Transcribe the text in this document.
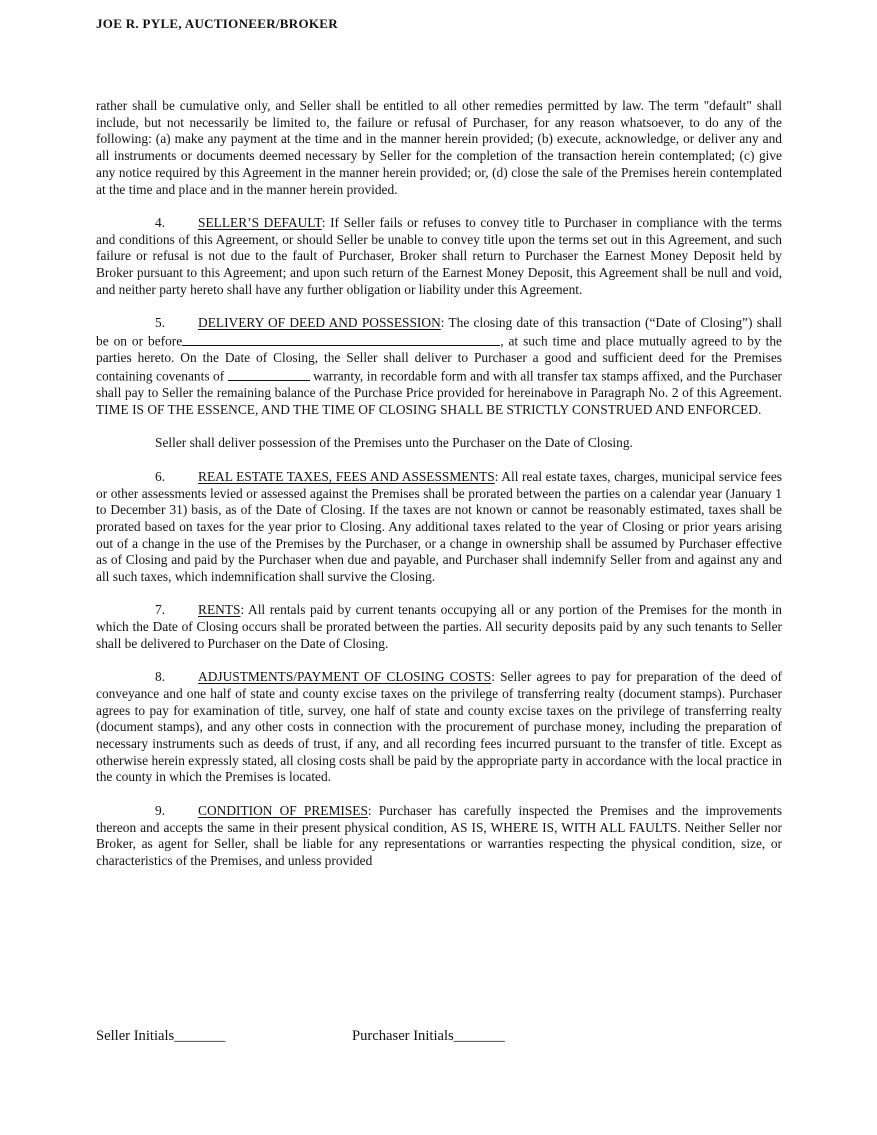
JOE R. PYLE, AUCTIONEER/BROKER

rather shall be cumulative only, and Seller shall be entitled to all other remedies permitted by law. The term "default" shall include, but not necessarily be limited to, the failure or refusal of Purchaser, for any reason whatsoever, to do any of the following: (a) make any payment at the time and in the manner herein provided; (b) execute, acknowledge, or deliver any and all instruments or documents deemed necessary by Seller for the completion of the transaction herein contemplated; (c) give any notice required by this Agreement in the manner herein provided; or, (d) close the sale of the Premises herein contemplated at the time and place and in the manner herein provided.

4. SELLER’S DEFAULT: If Seller fails or refuses to convey title to Purchaser in compliance with the terms and conditions of this Agreement, or should Seller be unable to convey title upon the terms set out in this Agreement, and such failure or refusal is not due to the fault of Purchaser, Broker shall return to Purchaser the Earnest Money Deposit held by Broker pursuant to this Agreement; and upon such return of the Earnest Money Deposit, this Agreement shall be null and void, and neither party hereto shall have any further obligation or liability under this Agreement.

5. DELIVERY OF DEED AND POSSESSION: The closing date of this transaction (“Date of Closing”) shall be on or before	, at such time and place mutually agreed to by the parties hereto. On the Date of Closing, the Seller shall deliver to Purchaser a good and sufficient deed for the Premises containing covenants of	warranty, in recordable form and with all transfer tax stamps affixed, and the Purchaser shall pay to Seller the remaining balance of the Purchase Price provided for hereinabove in Paragraph No. 2 of this Agreement. TIME IS OF THE ESSENCE, AND THE TIME OF CLOSING SHALL BE STRICTLY CONSTRUED AND ENFORCED.

Seller shall deliver possession of the Premises unto the Purchaser on the Date of Closing.

6. REAL ESTATE TAXES, FEES AND ASSESSMENTS: All real estate taxes, charges, municipal service fees or other assessments levied or assessed against the Premises shall be prorated between the parties on a calendar year (January 1 to December 31) basis, as of the Date of Closing. If the taxes are not known or cannot be reasonably estimated, taxes shall be prorated based on taxes for the year prior to Closing. Any additional taxes related to the year of Closing or prior years arising out of a change in the use of the Premises by the Purchaser, or a change in ownership shall be assumed by Purchaser effective as of Closing and paid by the Purchaser when due and payable, and Purchaser shall indemnify Seller from and against any and all such taxes, which indemnification shall survive the Closing.

7. RENTS: All rentals paid by current tenants occupying all or any portion of the Premises for the month in which the Date of Closing occurs shall be prorated between the parties. All security deposits paid by any such tenants to Seller shall be delivered to Purchaser on the Date of Closing.

8. ADJUSTMENTS/PAYMENT OF CLOSING COSTS: Seller agrees to pay for preparation of the deed of conveyance and one half of state and county excise taxes on the privilege of transferring realty (document stamps). Purchaser agrees to pay for examination of title, survey, one half of state and county excise taxes on the privilege of transferring realty (document stamps), and any other costs in connection with the procurement of purchase money, including the preparation of necessary instruments such as deeds of trust, if any, and all recording fees incurred pursuant to the transfer of title. Except as otherwise herein expressly stated, all closing costs shall be paid by the appropriate party in accordance with the local practice in the county in which the Premises is located.

9. CONDITION OF PREMISES: Purchaser has carefully inspected the Premises and the improvements thereon and accepts the same in their present physical condition, AS IS, WHERE IS, WITH ALL FAULTS. Neither Seller nor Broker, as agent for Seller, shall be liable for any representations or warranties respecting the physical condition, size, or characteristics of the Premises, and unless provided

Seller Initials_______	Purchaser Initials_______
